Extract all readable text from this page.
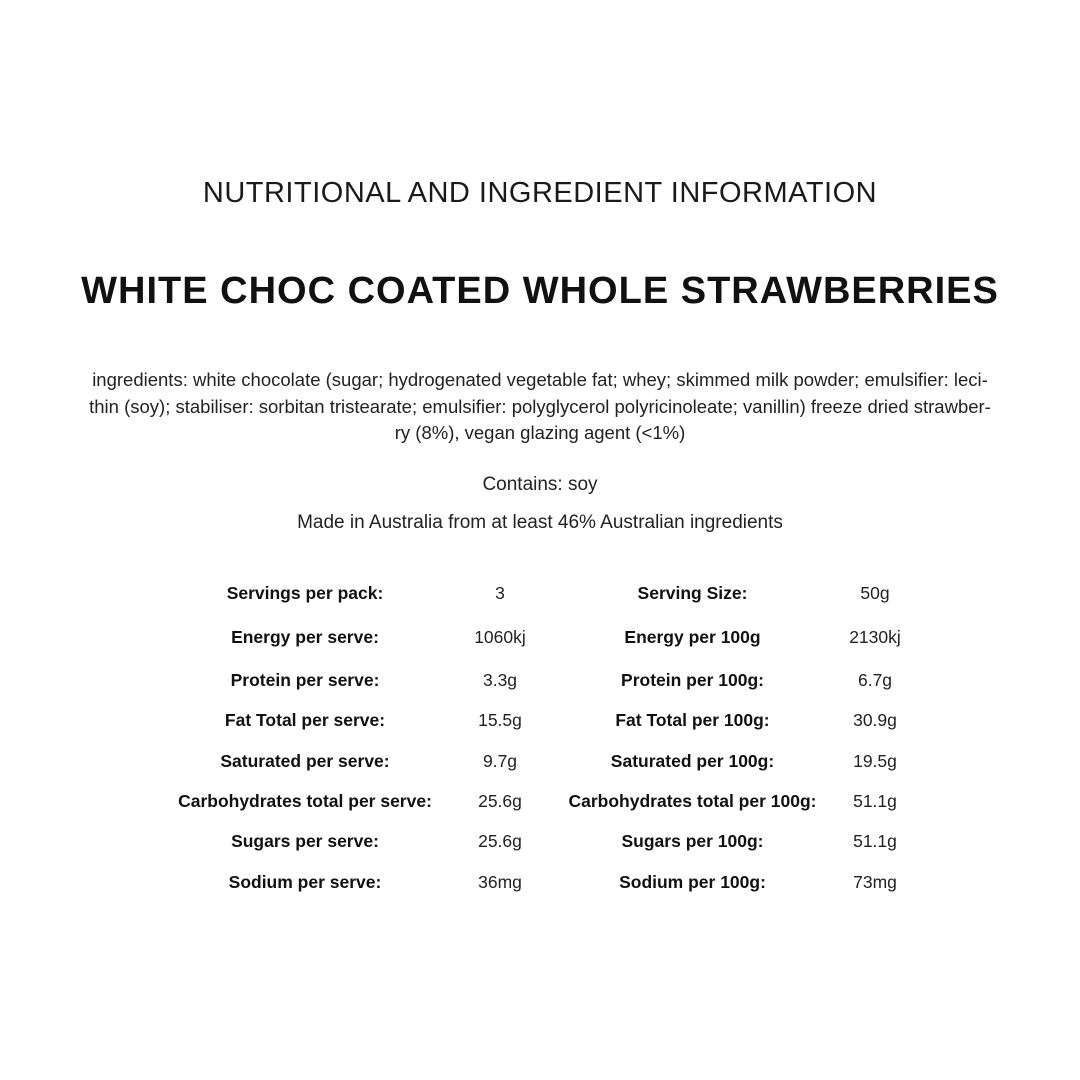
NUTRITIONAL AND INGREDIENT INFORMATION
WHITE CHOC COATED WHOLE STRAWBERRIES
ingredients: white chocolate (sugar; hydrogenated vegetable fat; whey; skimmed milk powder; emulsifier: leci-
thin (soy); stabiliser: sorbitan tristearate; emulsifier: polyglycerol polyricinoleate; vanillin) freeze dried strawber-
ry (8%), vegan glazing agent (<1%)
Contains: soy
Made in Australia from at least 46% Australian ingredients
Servings per pack:	3	Serving Size:	50g
Energy per serve:	1060kj	Energy per 100g	2130kj
Protein per serve:	3.3g	Protein per 100g:	6.7g
Fat Total per serve:	15.5g	Fat Total per 100g:	30.9g
Saturated per serve:	9.7g	Saturated per 100g:	19.5g
Carbohydrates total per serve:	25.6g	Carbohydrates total per 100g:	51.1g
Sugars per serve:	25.6g	Sugars per 100g:	51.1g
Sodium per serve:	36mg	Sodium per 100g:	73mg
